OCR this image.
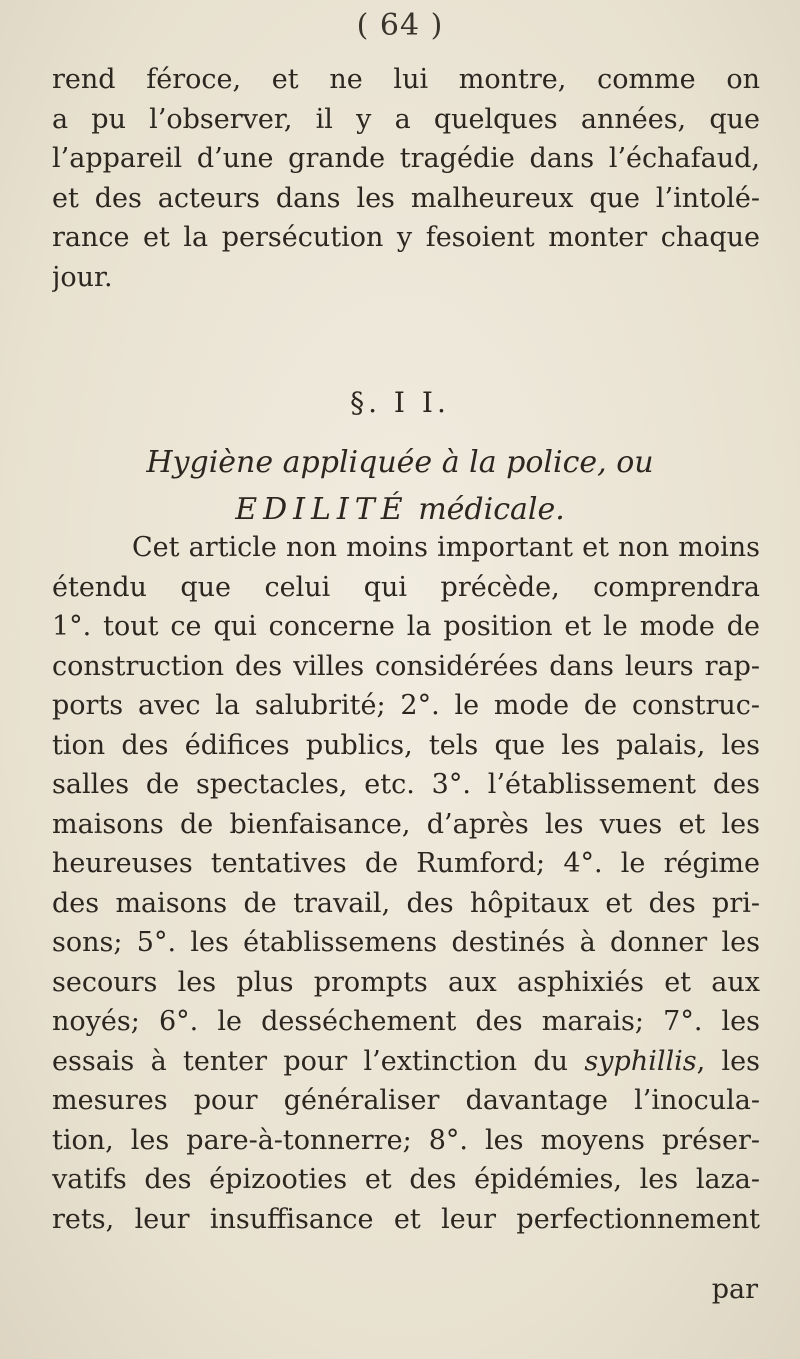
( 64 )
rend féroce, et ne lui montre, comme on
a pu l’observer, il y a quelques années, que
l’appareil d’une grande tragédie dans l’échafaud,
et des acteurs dans les malheureux que l’intolé-
rance et la persécution y fesoient monter chaque
jour.
§. I I.
Hygiène appliquée à la police, ou
EDILITÉ médicale.
Cet article non moins important et non moins
étendu que celui qui précède, comprendra
1°. tout ce qui concerne la position et le mode de
construction des villes considérées dans leurs rap-
ports avec la salubrité; 2°. le mode de construc-
tion des édifices publics, tels que les palais, les
salles de spectacles, etc. 3°. l’établissement des
maisons de bienfaisance, d’après les vues et les
heureuses tentatives de Rumford; 4°. le régime
des maisons de travail, des hôpitaux et des pri-
sons; 5°. les établissemens destinés à donner les
secours les plus prompts aux asphixiés et aux
noyés; 6°. le desséchement des marais; 7°. les
essais à tenter pour l’extinction du syphillis, les
mesures pour généraliser davantage l’inocula-
tion, les pare-à-tonnerre; 8°. les moyens préser-
vatifs des épizooties et des épidémies, les laza-
rets, leur insuffisance et leur perfectionnement
par
